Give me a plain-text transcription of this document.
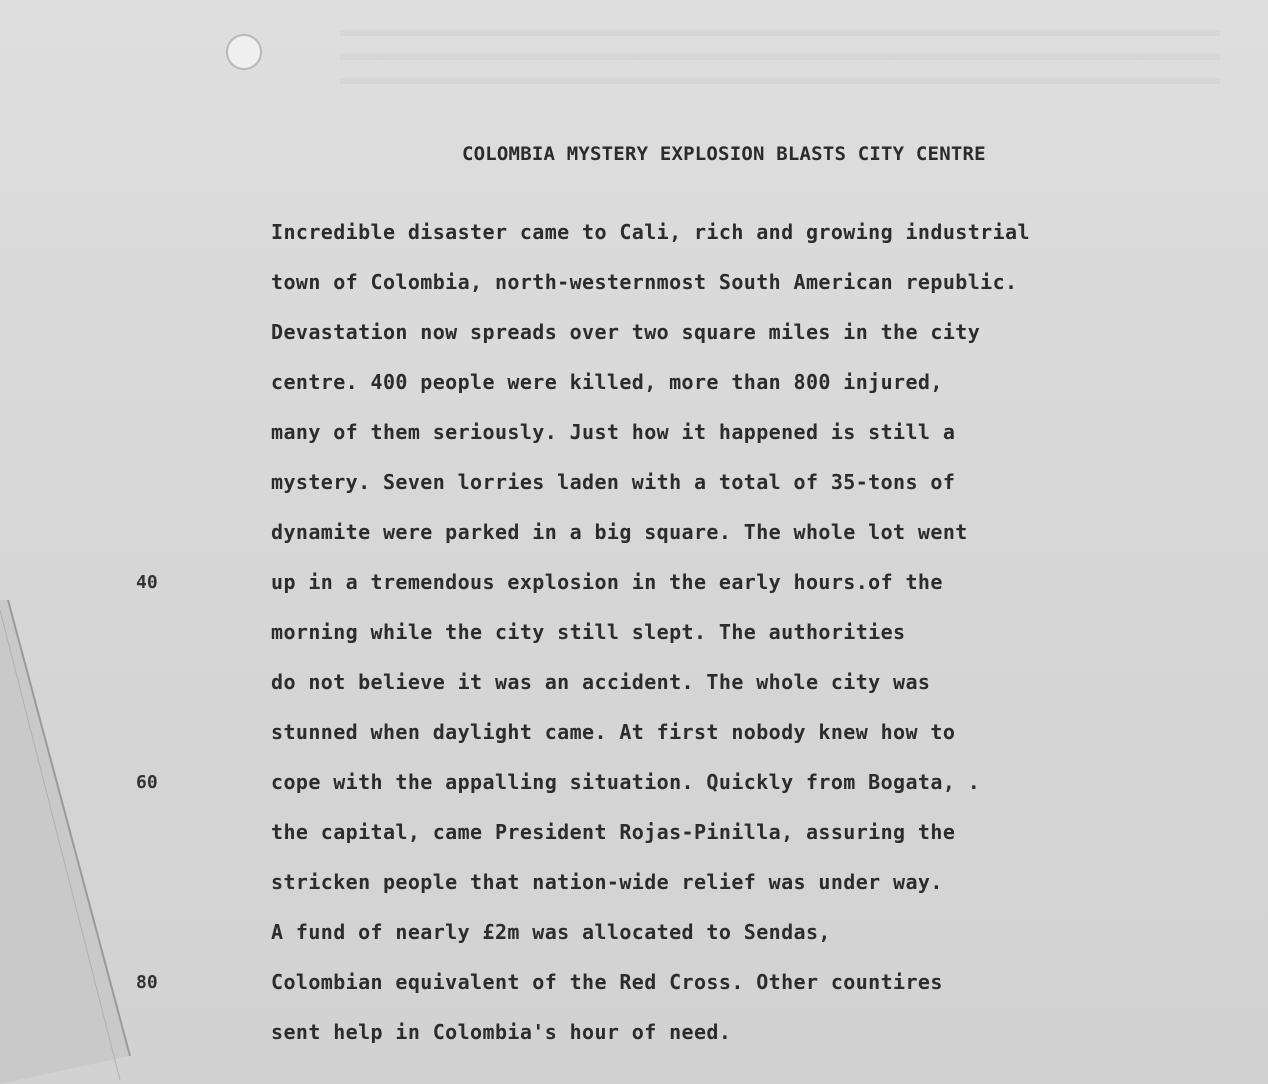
COLOMBIA MYSTERY EXPLOSION BLASTS CITY CENTRE
40
60
80
Incredible disaster came to Cali, rich and growing industrial
town of Colombia, north-westernmost South American republic.
Devastation now spreads over two square miles in the city
centre. 400 people were killed, more than 800 injured,
many of them seriously. Just how it happened is still a
mystery. Seven lorries laden with a total of 35-tons of
dynamite were parked in a big square. The whole lot went
up in a tremendous explosion in the early hours.of the
morning while the city still slept. The authorities
do not believe it was an accident. The whole city was
stunned when daylight came. At first nobody knew how to
cope with the appalling situation. Quickly from Bogata, .
the capital, came President Rojas-Pinilla, assuring the
stricken people that nation-wide relief was under way.
A fund of nearly £2m was allocated to Sendas,
Colombian equivalent of the Red Cross. Other countires
sent help in Colombia's hour of need.
